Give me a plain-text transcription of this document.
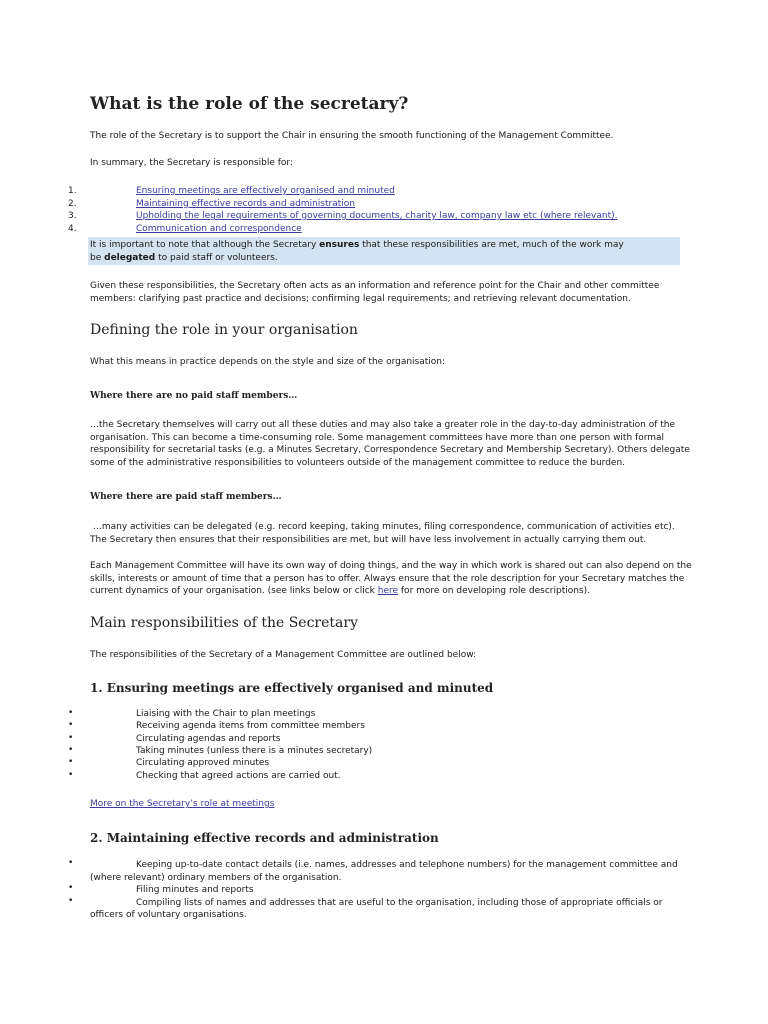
What is the role of the secretary?
The role of the Secretary is to support the Chair in ensuring the smooth functioning of the Management Committee.
In summary, the Secretary is responsible for:
1.	Ensuring meetings are effectively organised and minuted
2.	Maintaining effective records and administration
3.	Upholding the legal requirements of governing documents, charity law, company law etc (where relevant).
4.	Communication and correspondence
It is important to note that although the Secretary ensures that these responsibilities are met, much of the work may
be delegated to paid staff or volunteers.
Given these responsibilities, the Secretary often acts as an information and reference point for the Chair and other committee
members: clarifying past practice and decisions; confirming legal requirements; and retrieving relevant documentation.
Defining the role in your organisation
What this means in practice depends on the style and size of the organisation:
Where there are no paid staff members…
…the Secretary themselves will carry out all these duties and may also take a greater role in the day-to-day administration of the
organisation. This can become a time-consuming role. Some management committees have more than one person with formal
responsibility for secretarial tasks (e.g. a Minutes Secretary, Correspondence Secretary and Membership Secretary). Others delegate
some of the administrative responsibilities to volunteers outside of the management committee to reduce the burden.
Where there are paid staff members…
…many activities can be delegated (e.g. record keeping, taking minutes, filing correspondence, communication of activities etc).
The Secretary then ensures that their responsibilities are met, but will have less involvement in actually carrying them out.
Each Management Committee will have its own way of doing things, and the way in which work is shared out can also depend on the
skills, interests or amount of time that a person has to offer. Always ensure that the role description for your Secretary matches the
current dynamics of your organisation. (see links below or click here for more on developing role descriptions).
Main responsibilities of the Secretary
The responsibilities of the Secretary of a Management Committee are outlined below:
1. Ensuring meetings are effectively organised and minuted
•	Liaising with the Chair to plan meetings
•	Receiving agenda items from committee members
•	Circulating agendas and reports
•	Taking minutes (unless there is a minutes secretary)
•	Circulating approved minutes
•	Checking that agreed actions are carried out.
More on the Secretary’s role at meetings
2. Maintaining effective records and administration
•	Keeping up-to-date contact details (i.e. names, addresses and telephone numbers) for the management committee and
(where relevant) ordinary members of the organisation.
•	Filing minutes and reports
•	Compiling lists of names and addresses that are useful to the organisation, including those of appropriate officials or
officers of voluntary organisations.
